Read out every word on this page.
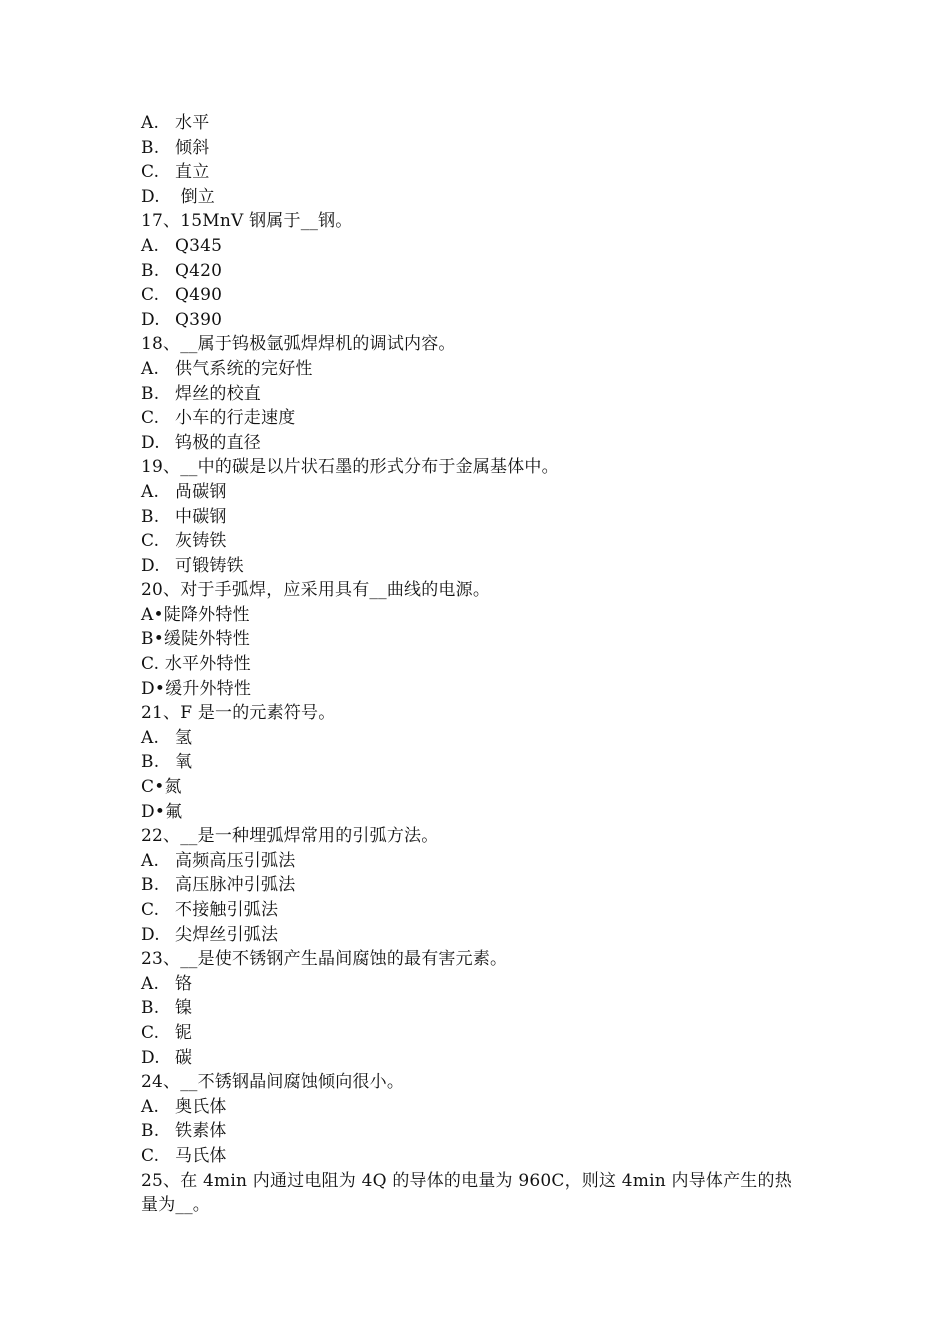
A. 水平
B. 倾斜
C. 直立
D. 倒立
17、15MnV 钢属于__钢。
A. Q345
B. Q420
C. Q490
D. Q390
18、__属于钨极氩弧焊焊机的调试内容。
A. 供气系统的完好性
B. 焊丝的校直
C. 小车的行走速度
D. 钨极的直径
19、__中的碳是以片状石墨的形式分布于金属基体中。
A. 咼碳钢
B. 中碳钢
C. 灰铸铁
D. 可锻铸铁
20、对于手弧焊，应采用具有__曲线的电源。
A•陡降外特性
B•缓陡外特性
C. 水平外特性
D•缓升外特性
21、F 是一的元素符号。
A. 氢
B. 氧
C•氮
D•氟
22、__是一种埋弧焊常用的引弧方法。
A. 高频高压引弧法
B. 高压脉冲引弧法
C. 不接触引弧法
D. 尖焊丝引弧法
23、__是使不锈钢产生晶间腐蚀的最有害元素。
A. 铬
B. 镍
C. 铌
D. 碳
24、__不锈钢晶间腐蚀倾向很小。
A. 奥氏体
B. 铁素体
C. 马氏体
25、在 4min 内通过电阻为 4Q 的导体的电量为 960C，则这 4min 内导体产生的热
量为__。
